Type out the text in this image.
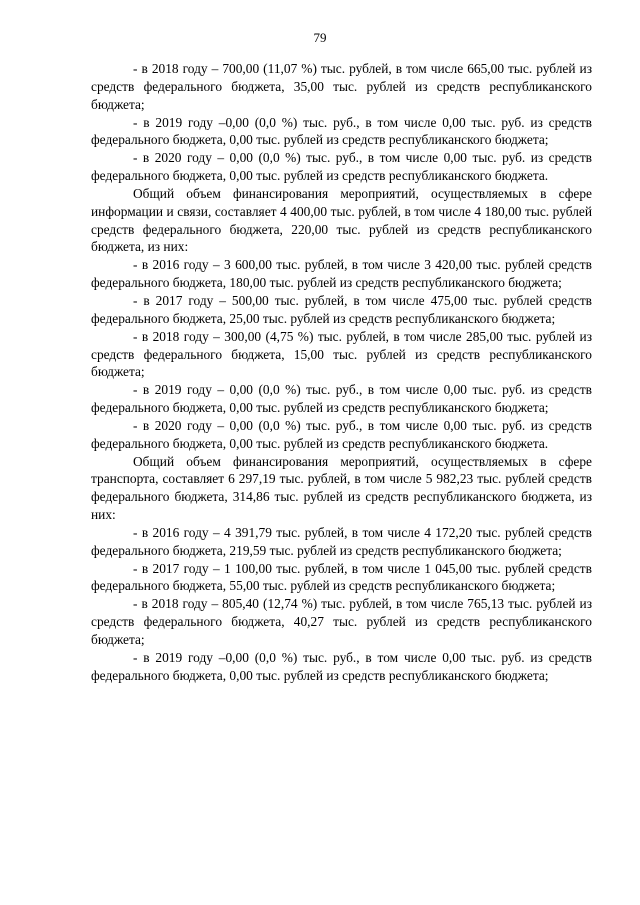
79

- в 2018 году – 700,00 (11,07 %) тыс. рублей, в том числе 665,00 тыс. рублей из средств федерального бюджета, 35,00 тыс. рублей из средств республиканского бюджета;

- в 2019 году –0,00 (0,0 %) тыс. руб., в том числе 0,00 тыс. руб. из средств федерального бюджета, 0,00 тыс. рублей из средств республиканского бюджета;

- в 2020 году – 0,00 (0,0 %) тыс. руб., в том числе 0,00 тыс. руб. из средств федерального бюджета, 0,00 тыс. рублей из средств республиканского бюджета.

Общий объем финансирования мероприятий, осуществляемых в сфере информации и связи, составляет 4 400,00 тыс. рублей, в том числе 4 180,00 тыс. рублей средств федерального бюджета, 220,00 тыс. рублей из средств республиканского бюджета, из них:

- в 2016 году – 3 600,00 тыс. рублей, в том числе 3 420,00 тыс. рублей средств федерального бюджета, 180,00 тыс. рублей из средств республиканского бюджета;

- в 2017 году – 500,00 тыс. рублей, в том числе 475,00 тыс. рублей средств федерального бюджета, 25,00 тыс. рублей из средств республиканского бюджета;

- в 2018 году – 300,00 (4,75 %) тыс. рублей, в том числе 285,00 тыс. рублей из средств федерального бюджета, 15,00 тыс. рублей из средств республиканского бюджета;

- в 2019 году – 0,00 (0,0 %) тыс. руб., в том числе 0,00 тыс. руб. из средств федерального бюджета, 0,00 тыс. рублей из средств республиканского бюджета;

- в 2020 году – 0,00 (0,0 %) тыс. руб., в том числе 0,00 тыс. руб. из средств федерального бюджета, 0,00 тыс. рублей из средств республиканского бюджета.

Общий объем финансирования мероприятий, осуществляемых в сфере транспорта, составляет 6 297,19 тыс. рублей, в том числе 5 982,23 тыс. рублей средств федерального бюджета, 314,86 тыс. рублей из средств республиканского бюджета, из них:

- в 2016 году – 4 391,79 тыс. рублей, в том числе 4 172,20 тыс. рублей средств федерального бюджета, 219,59 тыс. рублей из средств республиканского бюджета;

- в 2017 году – 1 100,00 тыс. рублей, в том числе 1 045,00 тыс. рублей средств федерального бюджета, 55,00 тыс. рублей из средств республиканского бюджета;

- в 2018 году – 805,40 (12,74 %) тыс. рублей, в том числе 765,13 тыс. рублей из средств федерального бюджета, 40,27 тыс. рублей из средств республиканского бюджета;

- в 2019 году –0,00 (0,0 %) тыс. руб., в том числе 0,00 тыс. руб. из средств федерального бюджета, 0,00 тыс. рублей из средств республиканского бюджета;
